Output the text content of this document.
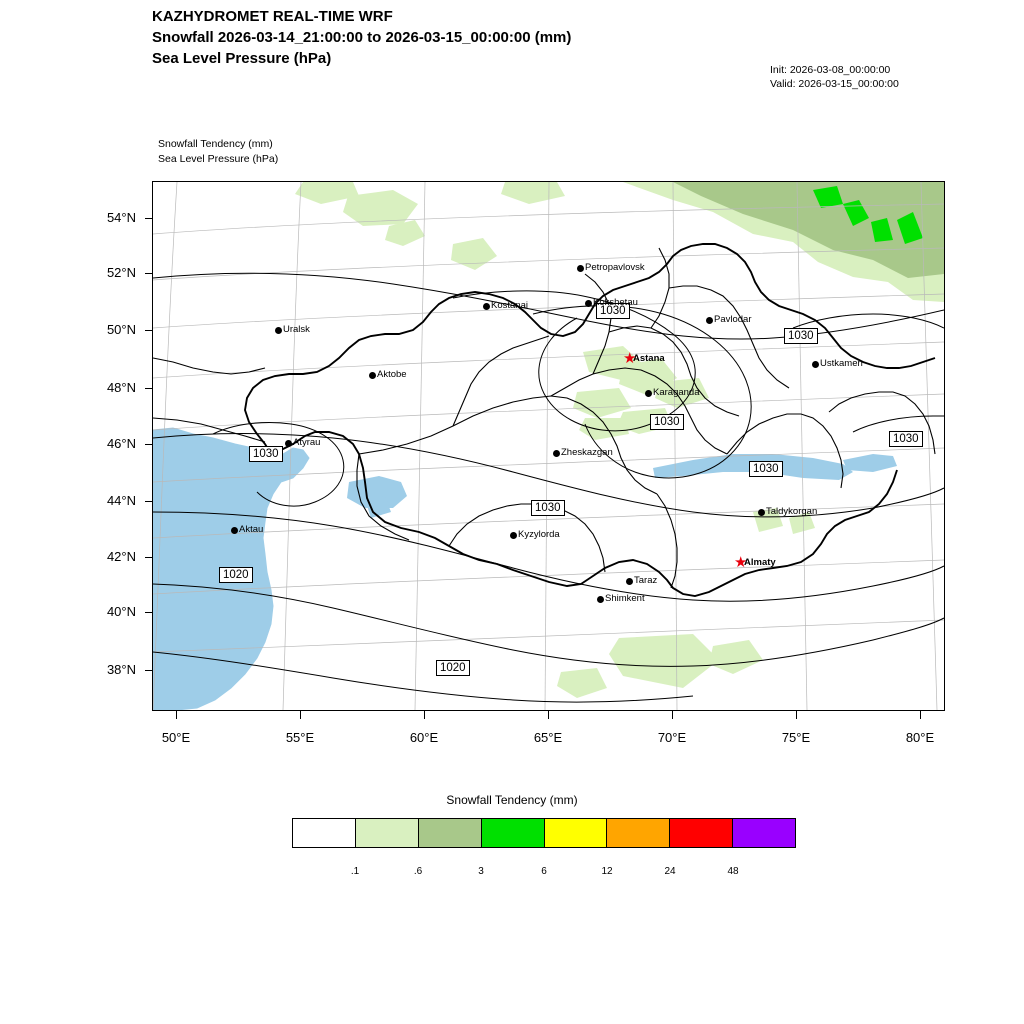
KAZHYDROMET REAL-TIME WRF
Snowfall 2026-03-14_21:00:00 to 2026-03-15_00:00:00 (mm)
Sea Level Pressure (hPa)
Init: 2026-03-08_00:00:00
Valid: 2026-03-15_00:00:00
Snowfall Tendency (mm)
Sea Level Pressure (hPa)
1030
1030
1030
1030
1030
1030
1030
1020
1020
Petropavlovsk
Kostanai	Kokshetau
Pavlodar
Uralsk
Ustkamen
Aktobe
★
Astana
Karaganda
Atyrau
Zheskazgan
Taldykorgan
Aktau	Kyzylorda
★
Almaty
Taraz
Shimkent
54°N
52°N
50°N
48°N
46°N
44°N
42°N
40°N
38°N
50°E	55°E	60°E	65°E	70°E	75°E	80°E
Snowfall Tendency (mm)
.1	.6	3	6	12	24	48
